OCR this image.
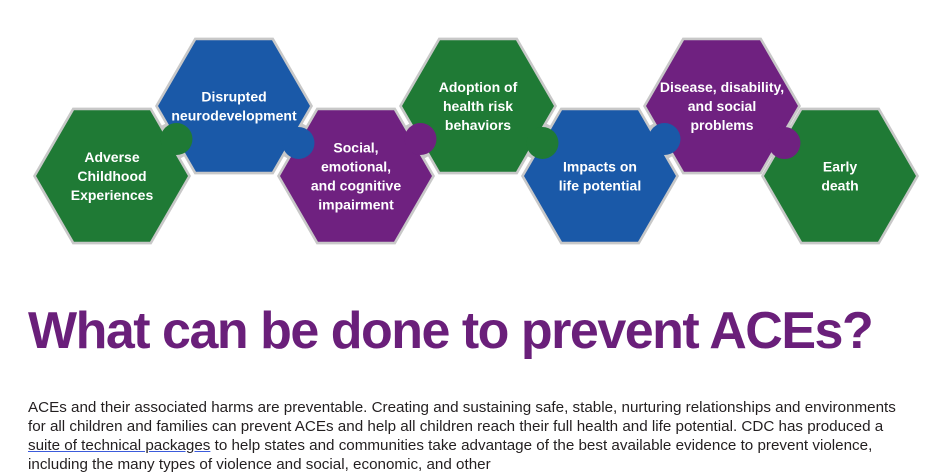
Adverse
Childhood
Experiences
Disrupted
neurodevelopment
Social,
emotional,
and cognitive
impairment
Adoption of
health risk
behaviors
Impacts on
life potential
Disease, disability,
and social
problems
Early
death
What can be done to prevent ACEs?

ACEs and their associated harms are preventable. Creating and sustaining safe, stable, nurturing relationships and environments for all children and families can prevent ACEs and help all children reach their full health and life potential. CDC has produced a suite of technical packages to help states and communities take advantage of the best available evidence to prevent violence, including the many types of violence and social, economic, and other
